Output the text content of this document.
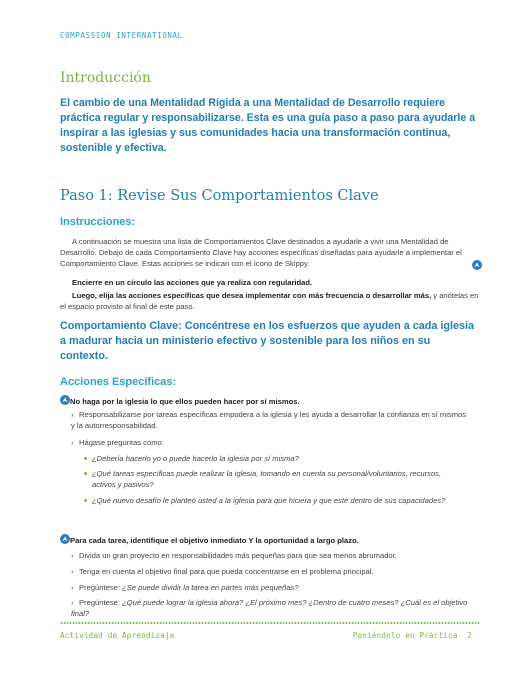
COMPASSION INTERNATIONAL
Introducción
El cambio de una Mentalidad Rígida a una Mentalidad de Desarrollo requiere práctica regular y responsabilizarse. Esta es una guía paso a paso para ayudarle a inspirar a las iglesias y sus comunidades hacia una transformación continua, sostenible y efectiva.
Paso 1: Revise Sus Comportamientos Clave
Instrucciones:
A continuación se muestra una lista de Comportamientos Clave destinados a ayudarle a vivir una Mentalidad de Desarrollo. Debajo de cada Comportamiento Clave hay acciones específicas diseñadas para ayudarle a implementar el Comportamiento Clave. Estas acciones se indican con el ícono de Skippy.
Encierre en un círculo las acciones que ya realiza con regularidad.
Luego, elija las acciones específicas que desea implementar con más frecuencia o desarrollar más, y anótelas en el espacio provisto al final de este paso.
Comportamiento Clave: Concéntrese en los esfuerzos que ayuden a cada iglesia a madurar hacia un ministerio efectivo y sostenible para los niños en su contexto.
Acciones Específicas:
No haga por la iglesia lo que ellos pueden hacer por sí mismos.
› Responsabilizarse por tareas específicas empodera a la iglesia y les ayuda a desarrollar la confianza en sí mismos y la autorresponsabilidad.
› Hágase preguntas como:
¿Debería hacerlo yo o puede hacerlo la iglesia por sí misma?
¿Qué tareas específicas puede realizar la iglesia, tomando en cuenta su personal/voluntarios, recursos, activos y pasivos?
¿Qué nuevo desafío le planteó usted a la iglesia para que hiciera y que esté dentro de sus capacidades?
Para cada tarea, identifique el objetivo inmediato Y la oportunidad a largo plazo.
› Divida un gran proyecto en responsabilidades más pequeñas para que sea menos abrumador.
› Tenga en cuenta el objetivo final para que pueda concentrarse en el problema principal.
› Pregúntese: ¿Se puede dividir la tarea en partes más pequeñas?
› Pregúntese: ¿Qué puede lograr la iglesia ahora? ¿El próximo mes? ¿Dentro de cuatro meses? ¿Cuál es el objetivo final?
Actividad de Aprendizaje	Poniéndolo en Práctica  2
